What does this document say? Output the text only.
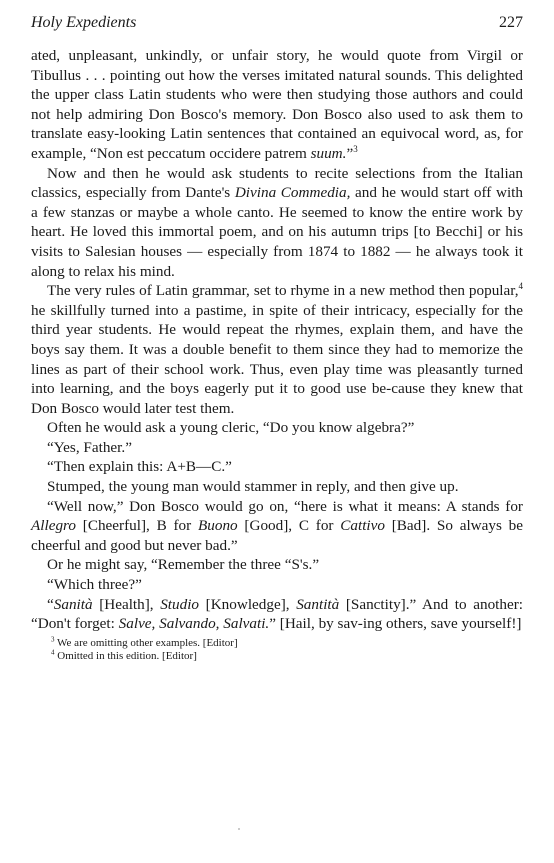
Holy Expedients	227

ated, unpleasant, unkindly, or unfair story, he would quote from Virgil or Tibullus . . . pointing out how the verses imitated natural sounds. This delighted the upper class Latin students who were then studying those authors and could not help admiring Don Bosco's memory. Don Bosco also used to ask them to translate easy-looking Latin sentences that contained an equivocal word, as, for example, “Non est peccatum occidere patrem suum.”$^3$

Now and then he would ask students to recite selections from the Italian classics, especially from Dante's Divina Commedia, and he would start off with a few stanzas or maybe a whole canto. He seemed to know the entire work by heart. He loved this immortal poem, and on his autumn trips [to Becchi] or his visits to Salesian houses — especially from 1874 to 1882 — he always took it along to relax his mind.

The very rules of Latin grammar, set to rhyme in a new method then popular,$^4$ he skillfully turned into a pastime, in spite of their intricacy, especially for the third year students. He would repeat the rhymes, explain them, and have the boys say them. It was a double benefit to them since they had to memorize the lines as part of their school work. Thus, even play time was pleasantly turned into learning, and the boys eagerly put it to good use be-cause they knew that Don Bosco would later test them.

Often he would ask a young cleric, “Do you know algebra?”

“Yes, Father.”

“Then explain this: A+B—C.”

Stumped, the young man would stammer in reply, and then give up.

“Well now,” Don Bosco would go on, “here is what it means: A stands for Allegro [Cheerful], B for Buono [Good], C for Cattivo [Bad]. So always be cheerful and good but never bad.”

Or he might say, “Remember the three “S's.”

“Which three?”

“Sanità [Health], Studio [Knowledge], Santità [Sanctity].” And to another: “Don't forget: Salve, Salvando, Salvati.” [Hail, by sav-ing others, save yourself!]

$^3$ We are omitting other examples. [Editor]
$^4$ Omitted in this edition. [Editor]
